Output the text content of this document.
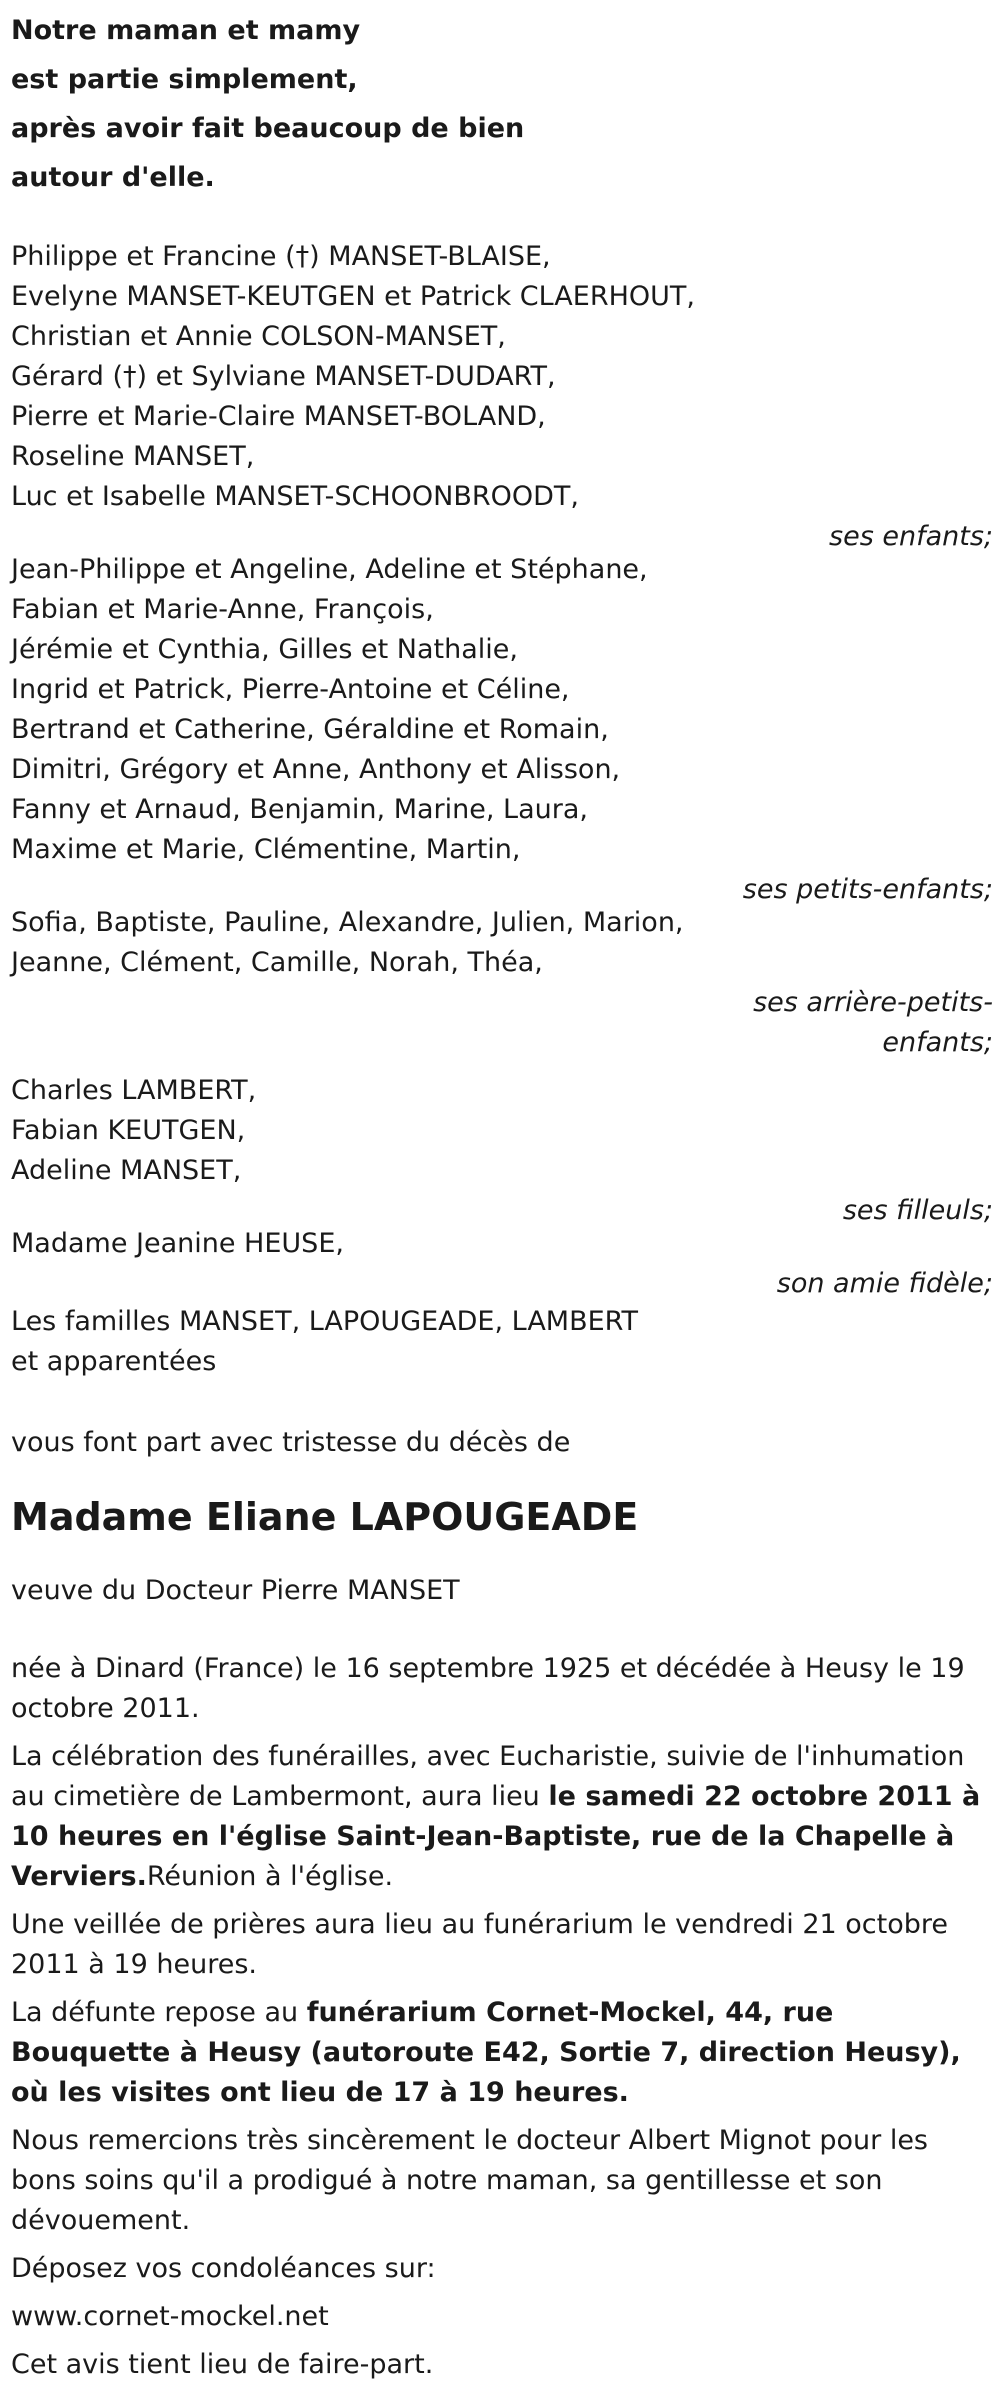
Notre maman et mamy
est partie simplement,
après avoir fait beaucoup de bien
autour d'elle.
Philippe et Francine (†) MANSET-BLAISE,
Evelyne MANSET-KEUTGEN et Patrick CLAERHOUT,
Christian et Annie COLSON-MANSET,
Gérard (†) et Sylviane MANSET-DUDART,
Pierre et Marie-Claire MANSET-BOLAND,
Roseline MANSET,
Luc et Isabelle MANSET-SCHOONBROODT,
ses enfants;
Jean-Philippe et Angeline, Adeline et Stéphane,
Fabian et Marie-Anne, François,
Jérémie et Cynthia, Gilles et Nathalie,
Ingrid et Patrick, Pierre-Antoine et Céline,
Bertrand et Catherine, Géraldine et Romain,
Dimitri, Grégory et Anne, Anthony et Alisson,
Fanny et Arnaud, Benjamin, Marine, Laura,
Maxime et Marie, Clémentine, Martin,
ses petits-enfants;
Sofia, Baptiste, Pauline, Alexandre, Julien, Marion,
Jeanne, Clément, Camille, Norah, Théa,
ses arrière-petits-
enfants;
Charles LAMBERT,
Fabian KEUTGEN,
Adeline MANSET,
ses filleuls;
Madame Jeanine HEUSE,
son amie fidèle;
Les familles MANSET, LAPOUGEADE, LAMBERT
et apparentées

vous font part avec tristesse du décès de

Madame Eliane LAPOUGEADE

veuve du Docteur Pierre MANSET

née à Dinard (France) le 16 septembre 1925 et décédée à Heusy le 19 octobre 2011.

La célébration des funérailles, avec Eucharistie, suivie de l'inhumation au cimetière de Lambermont, aura lieu le samedi 22 octobre 2011 à 10 heures en l'église Saint-Jean-Baptiste, rue de la Chapelle à Verviers.Réunion à l'église.

Une veillée de prières aura lieu au funérarium le vendredi 21 octobre 2011 à 19 heures.

La défunte repose au funérarium Cornet-Mockel, 44, rue Bouquette à Heusy (autoroute E42, Sortie 7, direction Heusy), où les visites ont lieu de 17 à 19 heures.

Nous remercions très sincèrement le docteur Albert Mignot pour les bons soins qu'il a prodigué à notre maman, sa gentillesse et son dévouement.

Déposez vos condoléances sur:

www.cornet-mockel.net

Cet avis tient lieu de faire-part.
